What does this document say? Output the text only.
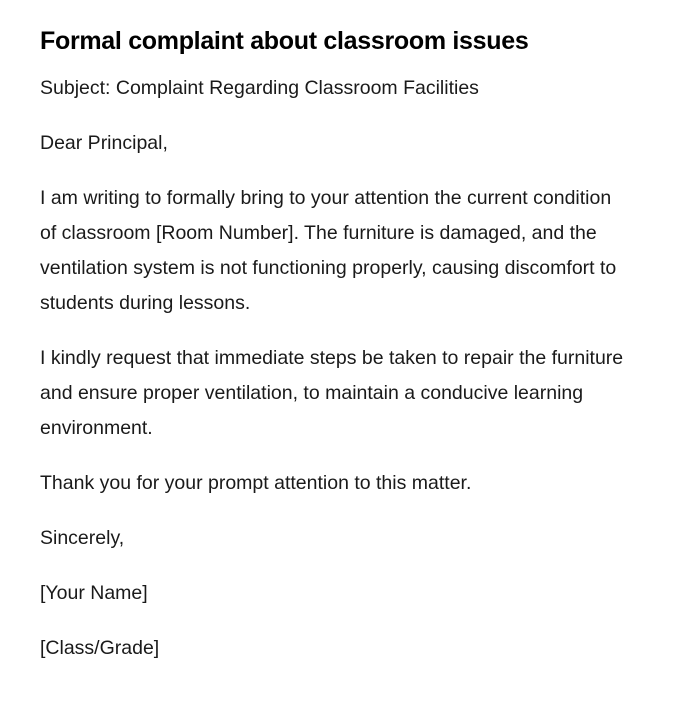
Formal complaint about classroom issues

Subject: Complaint Regarding Classroom Facilities

Dear Principal,

I am writing to formally bring to your attention the current condition of classroom [Room Number]. The furniture is damaged, and the ventilation system is not functioning properly, causing discomfort to students during lessons.

I kindly request that immediate steps be taken to repair the furniture and ensure proper ventilation, to maintain a conducive learning environment.

Thank you for your prompt attention to this matter.

Sincerely,

[Your Name]

[Class/Grade]
